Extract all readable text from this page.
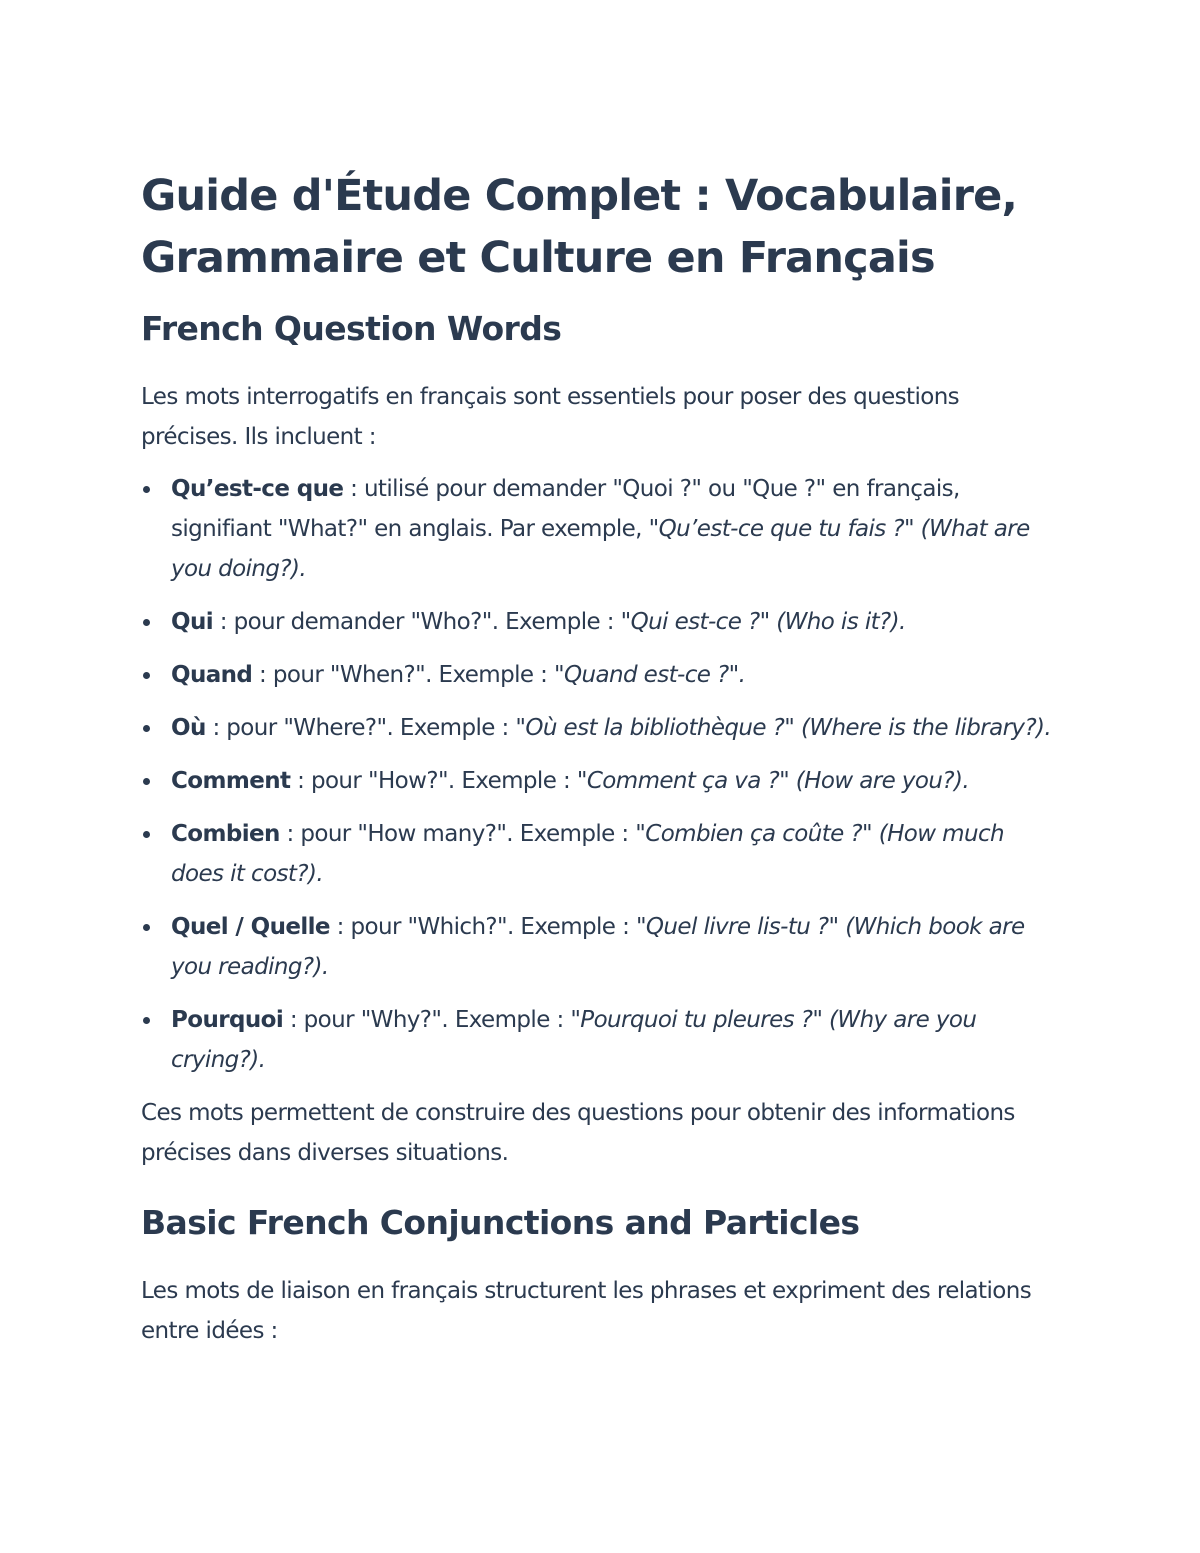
Guide d'Étude Complet : Vocabulaire, Grammaire et Culture en Français
French Question Words

Les mots interrogatifs en français sont essentiels pour poser des questions précises. Ils incluent :

Qu’est-ce que : utilisé pour demander "Quoi ?" ou "Que ?" en français, signifiant "What?" en anglais. Par exemple, "Qu’est-ce que tu fais ?" (What are you doing?).
Qui : pour demander "Who?". Exemple : "Qui est-ce ?" (Who is it?).
Quand : pour "When?". Exemple : "Quand est-ce ?".
Où : pour "Where?". Exemple : "Où est la bibliothèque ?" (Where is the library?).
Comment : pour "How?". Exemple : "Comment ça va ?" (How are you?).
Combien : pour "How many?". Exemple : "Combien ça coûte ?" (How much does it cost?).
Quel / Quelle : pour "Which?". Exemple : "Quel livre lis-tu ?" (Which book are you reading?).
Pourquoi : pour "Why?". Exemple : "Pourquoi tu pleures ?" (Why are you crying?).

Ces mots permettent de construire des questions pour obtenir des informations précises dans diverses situations.

Basic French Conjunctions and Particles

Les mots de liaison en français structurent les phrases et expriment des relations entre idées :
